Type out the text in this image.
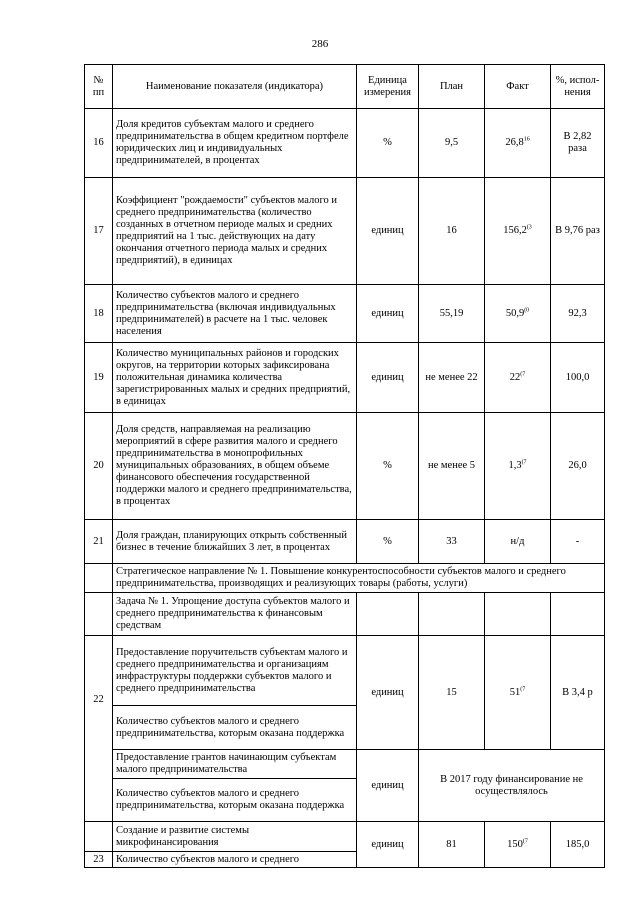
286
№ пп	Наименование показателя (индикатора)	Единица измерения	План	Факт	%, испол-нения
16	Доля кредитов субъектам малого и среднего предпринимательства в общем кредитном портфеле юридических лиц и индивидуальных предпринимателей, в процентах	%	9,5	26,8$^{16}$	В 2,82 раза
17	Коэффициент "рождаемости" субъектов малого и среднего предпринимательства (количество созданных в отчетном периоде малых и средних предприятий на 1 тыс. действующих на дату окончания отчетного периода малых и средних предприятий), в единицах	единиц	16	156,2$^{(3}$	В 9,76 раз
18	Количество субъектов малого и среднего предпринимательства (включая индивидуальных предпринимателей) в расчете на 1 тыс. человек населения	единиц	55,19	50,9$^{(0}$	92,3
19	Количество муниципальных районов и городских округов, на территории которых зафиксирована положительная динамика количества зарегистрированных малых и средних предприятий, в единицах	единиц	не менее 22	22$^{(7}$	100,0
20	Доля средств, направляемая на реализацию мероприятий в сфере развития малого и среднего предпринимательства в монопрофильных муниципальных образованиях, в общем объеме финансового обеспечения государственной поддержки малого и среднего предпринимательства, в процентах	%	не менее 5	1,3$^{(7}$	26,0
21	Доля граждан, планирующих открыть собственный бизнес в течение ближайших 3 лет, в процентах	%	33	н/д	-
	Стратегическое направление № 1. Повышение конкурентоспособности субъектов малого и среднего предпринимательства, производящих и реализующих товары (работы, услуги)				
	Задача № 1. Упрощение доступа субъектов малого и среднего предпринимательства к финансовым средствам				
22	Предоставление поручительств субъектам малого и среднего предпринимательства и организациям инфраструктуры поддержки субъектов малого и среднего предпринимательства	единиц	15	51$^{(7}$	В 3,4 р
	Количество субъектов малого и среднего предпринимательства, которым оказана поддержка				
	Предоставление грантов начинающим субъектам малого предпринимательства	единиц	В 2017 году финансирование не осуществлялось		
	Количество субъектов малого и среднего предпринимательства, которым оказана поддержка				
	Создание и развитие системы микрофинансирования	единиц	81	150$^{(7}$	185,0
23	Количество субъектов малого и среднего				
